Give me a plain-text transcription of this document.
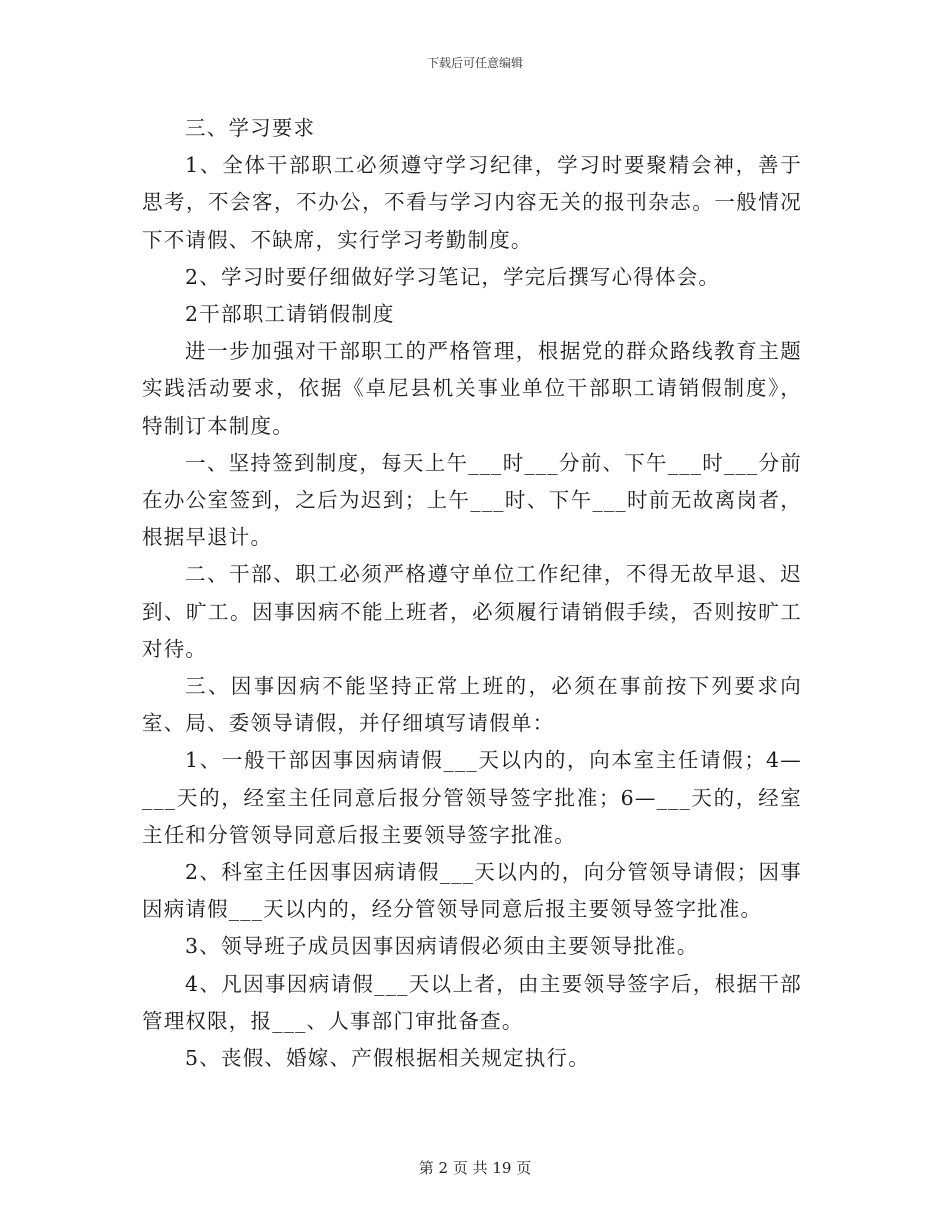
下载后可任意编辑

三、学习要求

1、全体干部职工必须遵守学习纪律，学习时要聚精会神，善于思考，不会客，不办公，不看与学习内容无关的报刊杂志。一般情况下不请假、不缺席，实行学习考勤制度。

2、学习时要仔细做好学习笔记，学完后撰写心得体会。

2干部职工请销假制度

进一步加强对干部职工的严格管理，根据党的群众路线教育主题实践活动要求，依据《卓尼县机关事业单位干部职工请销假制度》，特制订本制度。

一、坚持签到制度，每天上午___时___分前、下午___时___分前在办公室签到，之后为迟到；上午___时、下午___时前无故离岗者，根据早退计。

二、干部、职工必须严格遵守单位工作纪律，不得无故早退、迟到、旷工。因事因病不能上班者，必须履行请销假手续，否则按旷工对待。

三、因事因病不能坚持正常上班的，必须在事前按下列要求向室、局、委领导请假，并仔细填写请假单：

1、一般干部因事因病请假___天以内的，向本室主任请假；4—___天的，经室主任同意后报分管领导签字批准；6—___天的，经室主任和分管领导同意后报主要领导签字批准。

2、科室主任因事因病请假___天以内的，向分管领导请假；因事因病请假___天以内的，经分管领导同意后报主要领导签字批准。

3、领导班子成员因事因病请假必须由主要领导批准。

4、凡因事因病请假___天以上者，由主要领导签字后，根据干部管理权限，报___、人事部门审批备查。

5、丧假、婚嫁、产假根据相关规定执行。

第 2 页 共 19 页
